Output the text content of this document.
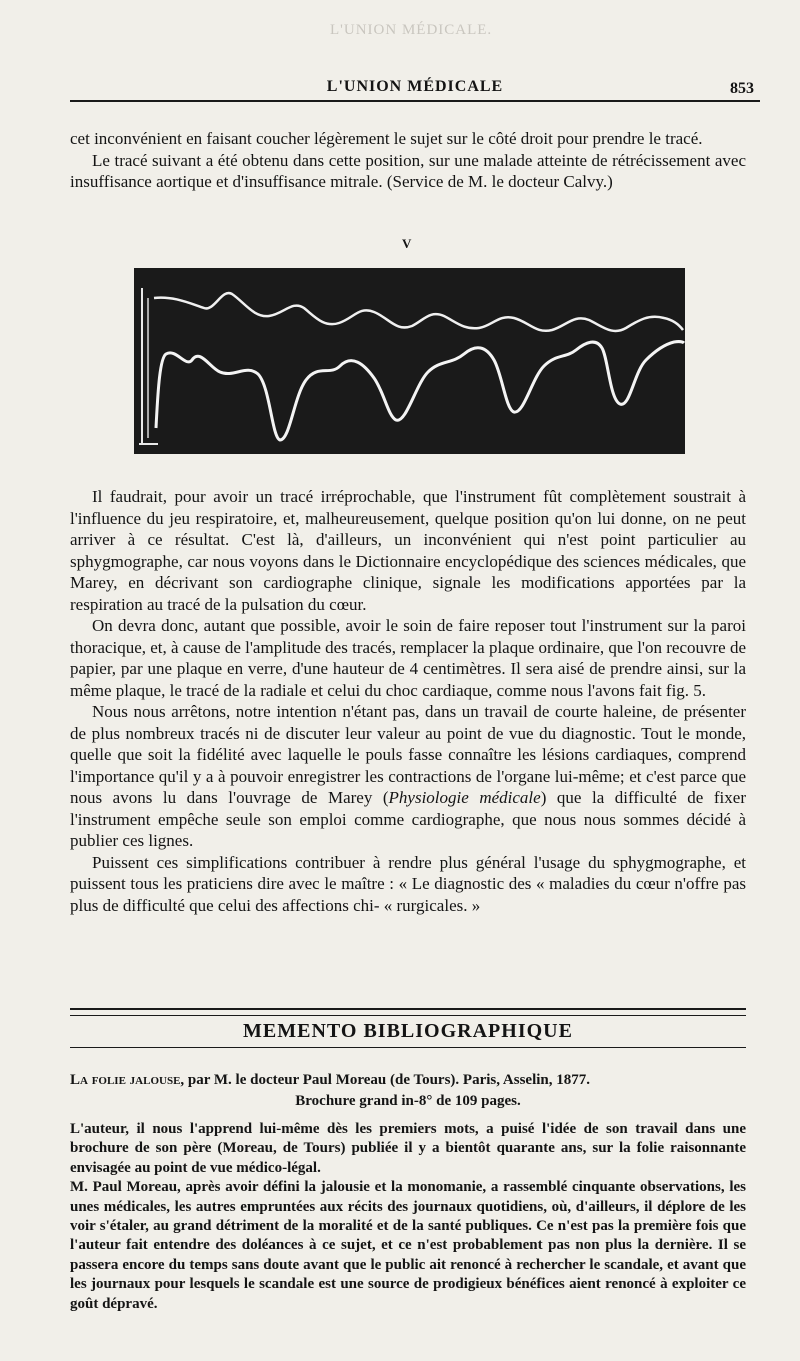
L'UNION MÉDICALE.
L'UNION MÉDICALE	853

cet inconvénient en faisant coucher légèrement le sujet sur le côté droit pour prendre le tracé.

Le tracé suivant a été obtenu dans cette position, sur une malade atteinte de rétrécissement avec insuffisance aortique et d'insuffisance mitrale. (Service de M. le docteur Calvy.)

V

Il faudrait, pour avoir un tracé irréprochable, que l'instrument fût complètement soustrait à l'influence du jeu respiratoire, et, malheureusement, quelque position qu'on lui donne, on ne peut arriver à ce résultat. C'est là, d'ailleurs, un inconvénient qui n'est point particulier au sphygmographe, car nous voyons dans le Dictionnaire encyclopédique des sciences médicales, que Marey, en décrivant son cardiographe clinique, signale les modifications apportées par la respiration au tracé de la pulsation du cœur.

On devra donc, autant que possible, avoir le soin de faire reposer tout l'instrument sur la paroi thoracique, et, à cause de l'amplitude des tracés, remplacer la plaque ordinaire, que l'on recouvre de papier, par une plaque en verre, d'une hauteur de 4 centimètres. Il sera aisé de prendre ainsi, sur la même plaque, le tracé de la radiale et celui du choc cardiaque, comme nous l'avons fait fig. 5.

Nous nous arrêtons, notre intention n'étant pas, dans un travail de courte haleine, de présenter de plus nombreux tracés ni de discuter leur valeur au point de vue du diagnostic. Tout le monde, quelle que soit la fidélité avec laquelle le pouls fasse connaître les lésions cardiaques, comprend l'importance qu'il y a à pouvoir enregistrer les contractions de l'organe lui-même; et c'est parce que nous avons lu dans l'ouvrage de Marey (Physiologie médicale) que la difficulté de fixer l'instrument empêche seule son emploi comme cardiographe, que nous nous sommes décidé à publier ces lignes.

Puissent ces simplifications contribuer à rendre plus général l'usage du sphygmographe, et puissent tous les praticiens dire avec le maître : « Le diagnostic des « maladies du cœur n'offre pas plus de difficulté que celui des affections chi- « rurgicales. »

MEMENTO BIBLIOGRAPHIQUE
La folie jalouse, par M. le docteur Paul Moreau (de Tours). Paris, Asselin, 1877.
Brochure grand in-8° de 109 pages.

L'auteur, il nous l'apprend lui-même dès les premiers mots, a puisé l'idée de son travail dans une brochure de son père (Moreau, de Tours) publiée il y a bientôt quarante ans, sur la folie raisonnante envisagée au point de vue médico-légal.

M. Paul Moreau, après avoir défini la jalousie et la monomanie, a rassemblé cinquante observations, les unes médicales, les autres empruntées aux récits des journaux quotidiens, où, d'ailleurs, il déplore de les voir s'étaler, au grand détriment de la moralité et de la santé publiques. Ce n'est pas la première fois que l'auteur fait entendre des doléances à ce sujet, et ce n'est probablement pas non plus la dernière. Il se passera encore du temps sans doute avant que le public ait renoncé à rechercher le scandale, et avant que les journaux pour lesquels le scandale est une source de prodigieux bénéfices aient renoncé à exploiter ce goût dépravé.
